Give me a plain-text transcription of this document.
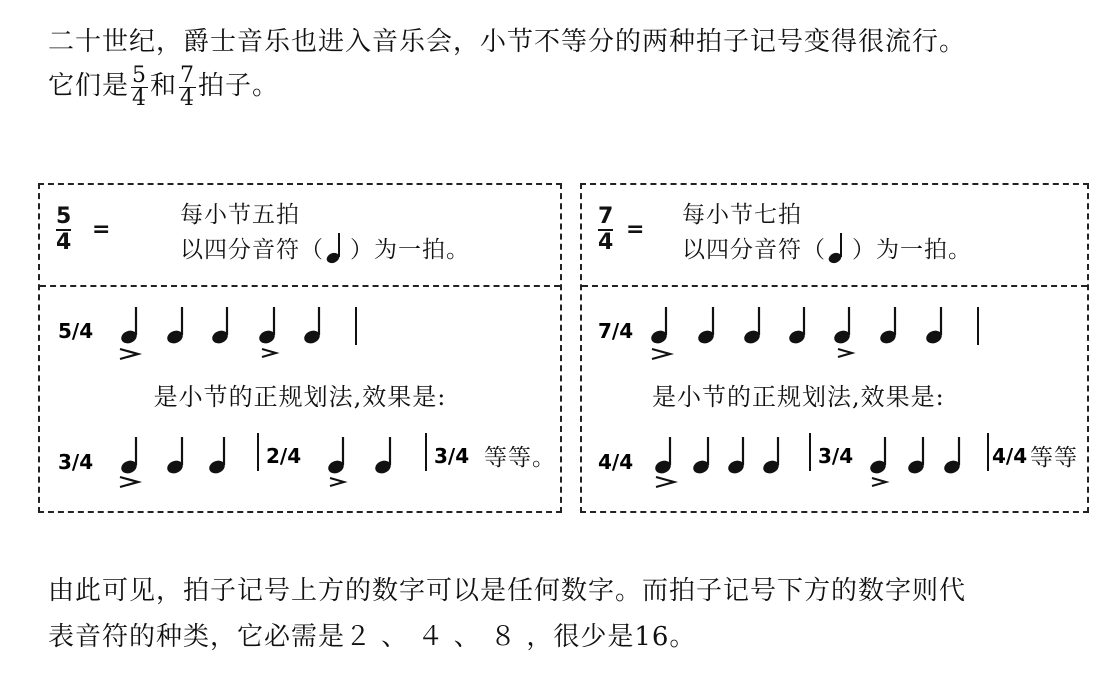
二十世纪，爵士音乐也进入音乐会，小节不等分的两种拍子记号变得很流行。
它们是 $\frac{5}{4}$ 和 $\frac{7}{4}$ 拍子。
$\frac{5}{4}$ =
每小节五拍
以四分音符（ ）为一拍。
5/4
是小节的正规划法,效果是:
3/4	2/4	3/4 等等。
$\frac{7}{4}$ =
每小节七拍
以四分音符（ ）为一拍。
7/4
是小节的正规划法,效果是:
4/4	3/4	4/4 等等
由此可见，拍子记号上方的数字可以是任何数字。而拍子记号下方的数字则代
表音符的种类，它必需是２ 、 ４ 、 ８ ，很少是16。
